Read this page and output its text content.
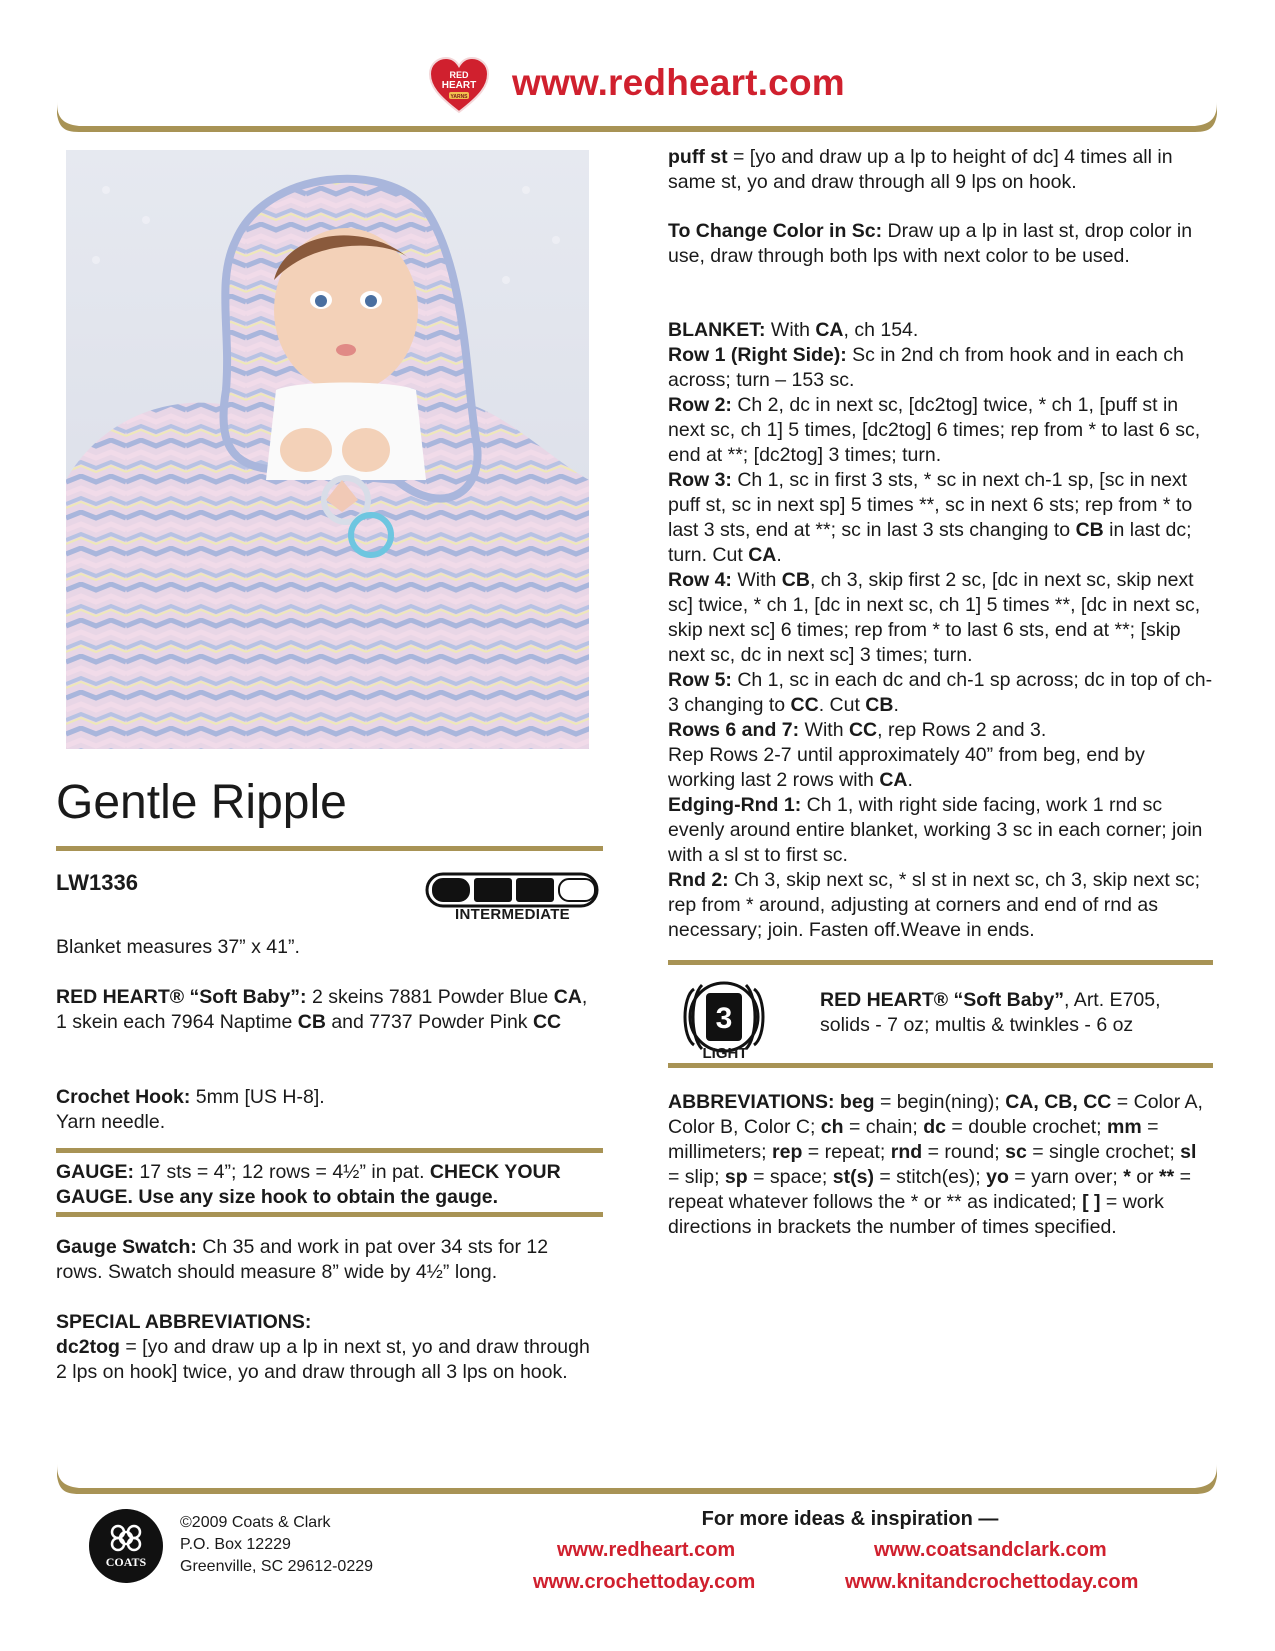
RED
HEART
YARNS www.redheart.com
Gentle Ripple
LW1336
INTERMEDIATE
Blanket measures 37” x 41”.
RED HEART® “Soft Baby”: 2 skeins 7881 Powder Blue CA, 1 skein each 7964 Naptime CB and 7737 Powder Pink CC
Crochet Hook: 5mm [US H-8].
Yarn needle.
GAUGE: 17 sts = 4”; 12 rows = 4½” in pat. CHECK YOUR GAUGE. Use any size hook to obtain the gauge.
Gauge Swatch: Ch 35 and work in pat over 34 sts for 12 rows. Swatch should measure 8” wide by 4½” long.
SPECIAL ABBREVIATIONS:
dc2tog = [yo and draw up a lp in next st, yo and draw through 2 lps on hook] twice, yo and draw through all 3 lps on hook.
puff st = [yo and draw up a lp to height of dc] 4 times all in same st, yo and draw through all 9 lps on hook.
To Change Color in Sc: Draw up a lp in last st, drop color in use, draw through both lps with next color to be used.
BLANKET: With CA, ch 154.
Row 1 (Right Side): Sc in 2nd ch from hook and in each ch across; turn – 153 sc.
Row 2: Ch 2, dc in next sc, [dc2tog] twice, * ch 1, [puff st in next sc, ch 1] 5 times, [dc2tog] 6 times; rep from * to last 6 sc, end at **; [dc2tog] 3 times; turn.
Row 3: Ch 1, sc in first 3 sts, * sc in next ch-1 sp, [sc in next puff st, sc in next sp] 5 times **, sc in next 6 sts; rep from * to last 3 sts, end at **; sc in last 3 sts changing to CB in last dc; turn. Cut CA.
Row 4: With CB, ch 3, skip first 2 sc, [dc in next sc, skip next sc] twice, * ch 1, [dc in next sc, ch 1] 5 times **, [dc in next sc, skip next sc] 6 times; rep from * to last 6 sts, end at **; [skip next sc, dc in next sc] 3 times; turn.
Row 5: Ch 1, sc in each dc and ch-1 sp across; dc in top of ch-3 changing to CC. Cut CB.
Rows 6 and 7: With CC, rep Rows 2 and 3.
Rep Rows 2-7 until approximately 40” from beg, end by working last 2 rows with CA.
Edging-Rnd 1: Ch 1, with right side facing, work 1 rnd sc evenly around entire blanket, working 3 sc in each corner; join with a sl st to first sc.
Rnd 2: Ch 3, skip next sc, * sl st in next sc, ch 3, skip next sc; rep from * around, adjusting at corners and end of rnd as necessary; join. Fasten off.Weave in ends.
3
LIGHT
RED HEART® “Soft Baby”, Art. E705, solids - 7 oz; multis & twinkles - 6 oz
ABBREVIATIONS: beg = begin(ning); CA, CB, CC = Color A, Color B, Color C; ch = chain; dc = double crochet; mm = millimeters; rep = repeat; rnd = round; sc = single crochet; sl = slip; sp = space; st(s) = stitch(es); yo = yarn over; * or ** = repeat whatever follows the * or ** as indicated; [ ] = work directions in brackets the number of times specified.
COATS
©2009 Coats & Clark
P.O. Box 12229
Greenville, SC 29612-0229
For more ideas & inspiration —
www.redheart.com	www.coatsandclark.com
www.crochettoday.com	www.knitandcrochettoday.com
